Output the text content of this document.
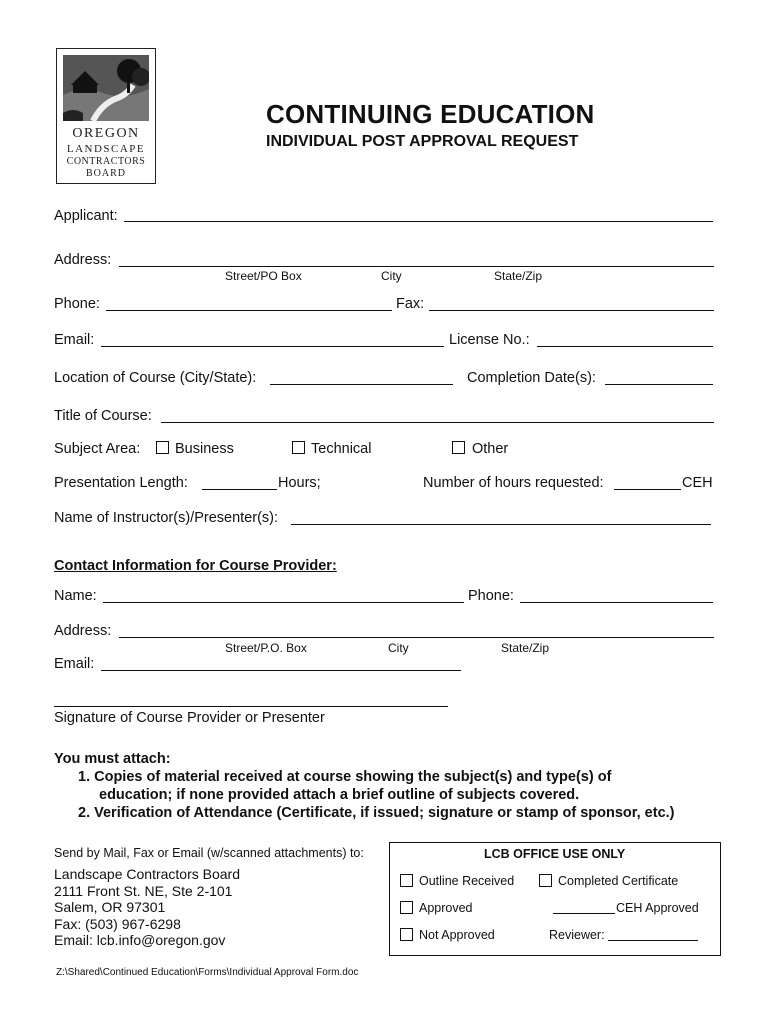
OREGON
LANDSCAPE
CONTRACTORS
BOARD
CONTINUING EDUCATION
INDIVIDUAL POST APPROVAL REQUEST
Applicant:
Address:
Street/PO Box	City	State/Zip
Phone:	Fax:
Email:	License No.:
Location of Course (City/State):	Completion Date(s):
Title of Course:
Subject Area: Business	Technical	Other
Presentation Length:	Hours;	Number of hours requested:	CEH
Name of Instructor(s)/Presenter(s):
Contact Information for Course Provider:
Name:	Phone:
Address:
Street/P.O. Box	City	State/Zip
Email:
Signature of Course Provider or Presenter
You must attach:
1. Copies of material received at course showing the subject(s) and type(s) of
education; if none provided attach a brief outline of subjects covered.
2. Verification of Attendance (Certificate, if issued; signature or stamp of sponsor, etc.)
Send by Mail, Fax or Email (w/scanned attachments) to:
Landscape Contractors Board
2111 Front St. NE, Ste 2-101
Salem, OR 97301
Fax: (503) 967-6298
Email: lcb.info@oregon.gov
LCB OFFICE USE ONLY
Outline Received	Completed Certificate
Approved	CEH Approved
Not Approved	Reviewer:
Z:\Shared\Continued Education\Forms\Individual Approval Form.doc
